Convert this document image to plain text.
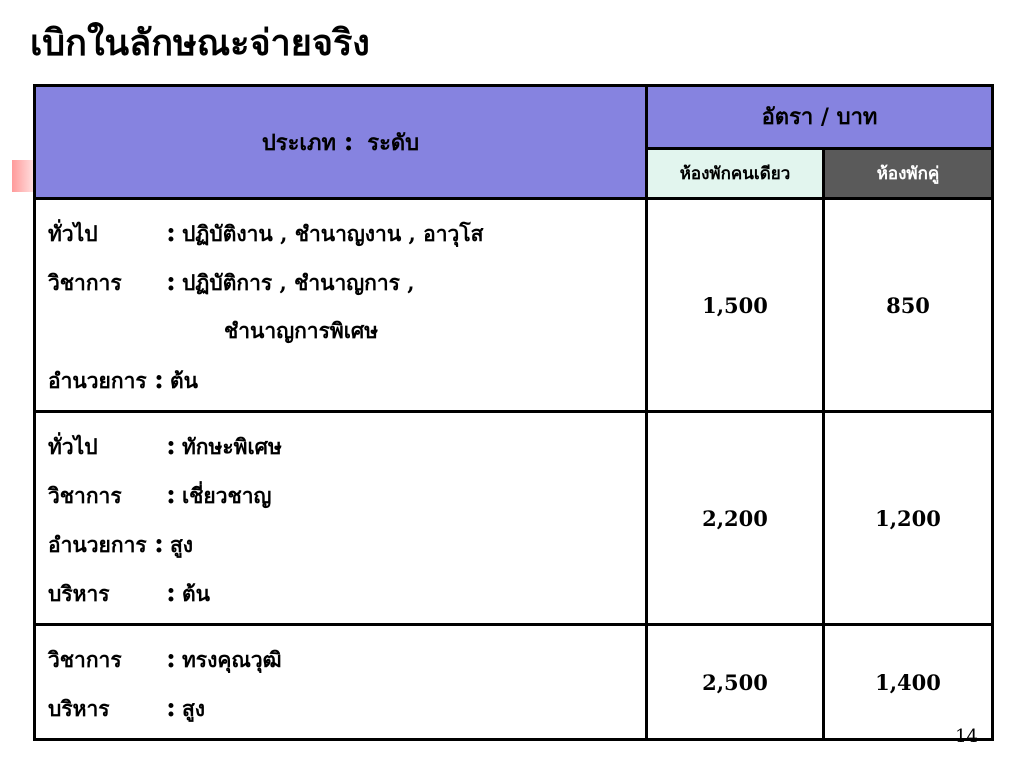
เบิกในลักษณะจ่ายจริง
ประเภท : ระดับ	อัตรา / บาท	
	ห้องพักคนเดียว	ห้องพักคู่

ทั่วไป : ปฏิบัติงาน , ชำนาญงาน , อาวุโส
วิชาการ : ปฏิบัติการ , ชำนาญการ ,
ชำนาญการพิเศษ
อำนวยการ : ต้น	1,500	850

ทั่วไป : ทักษะพิเศษ
วิชาการ : เชี่ยวชาญ
อำนวยการ : สูง
บริหาร : ต้น	2,200	1,200

วิชาการ : ทรงคุณวุฒิ
บริหาร : สูง	2,500	1,400
14
